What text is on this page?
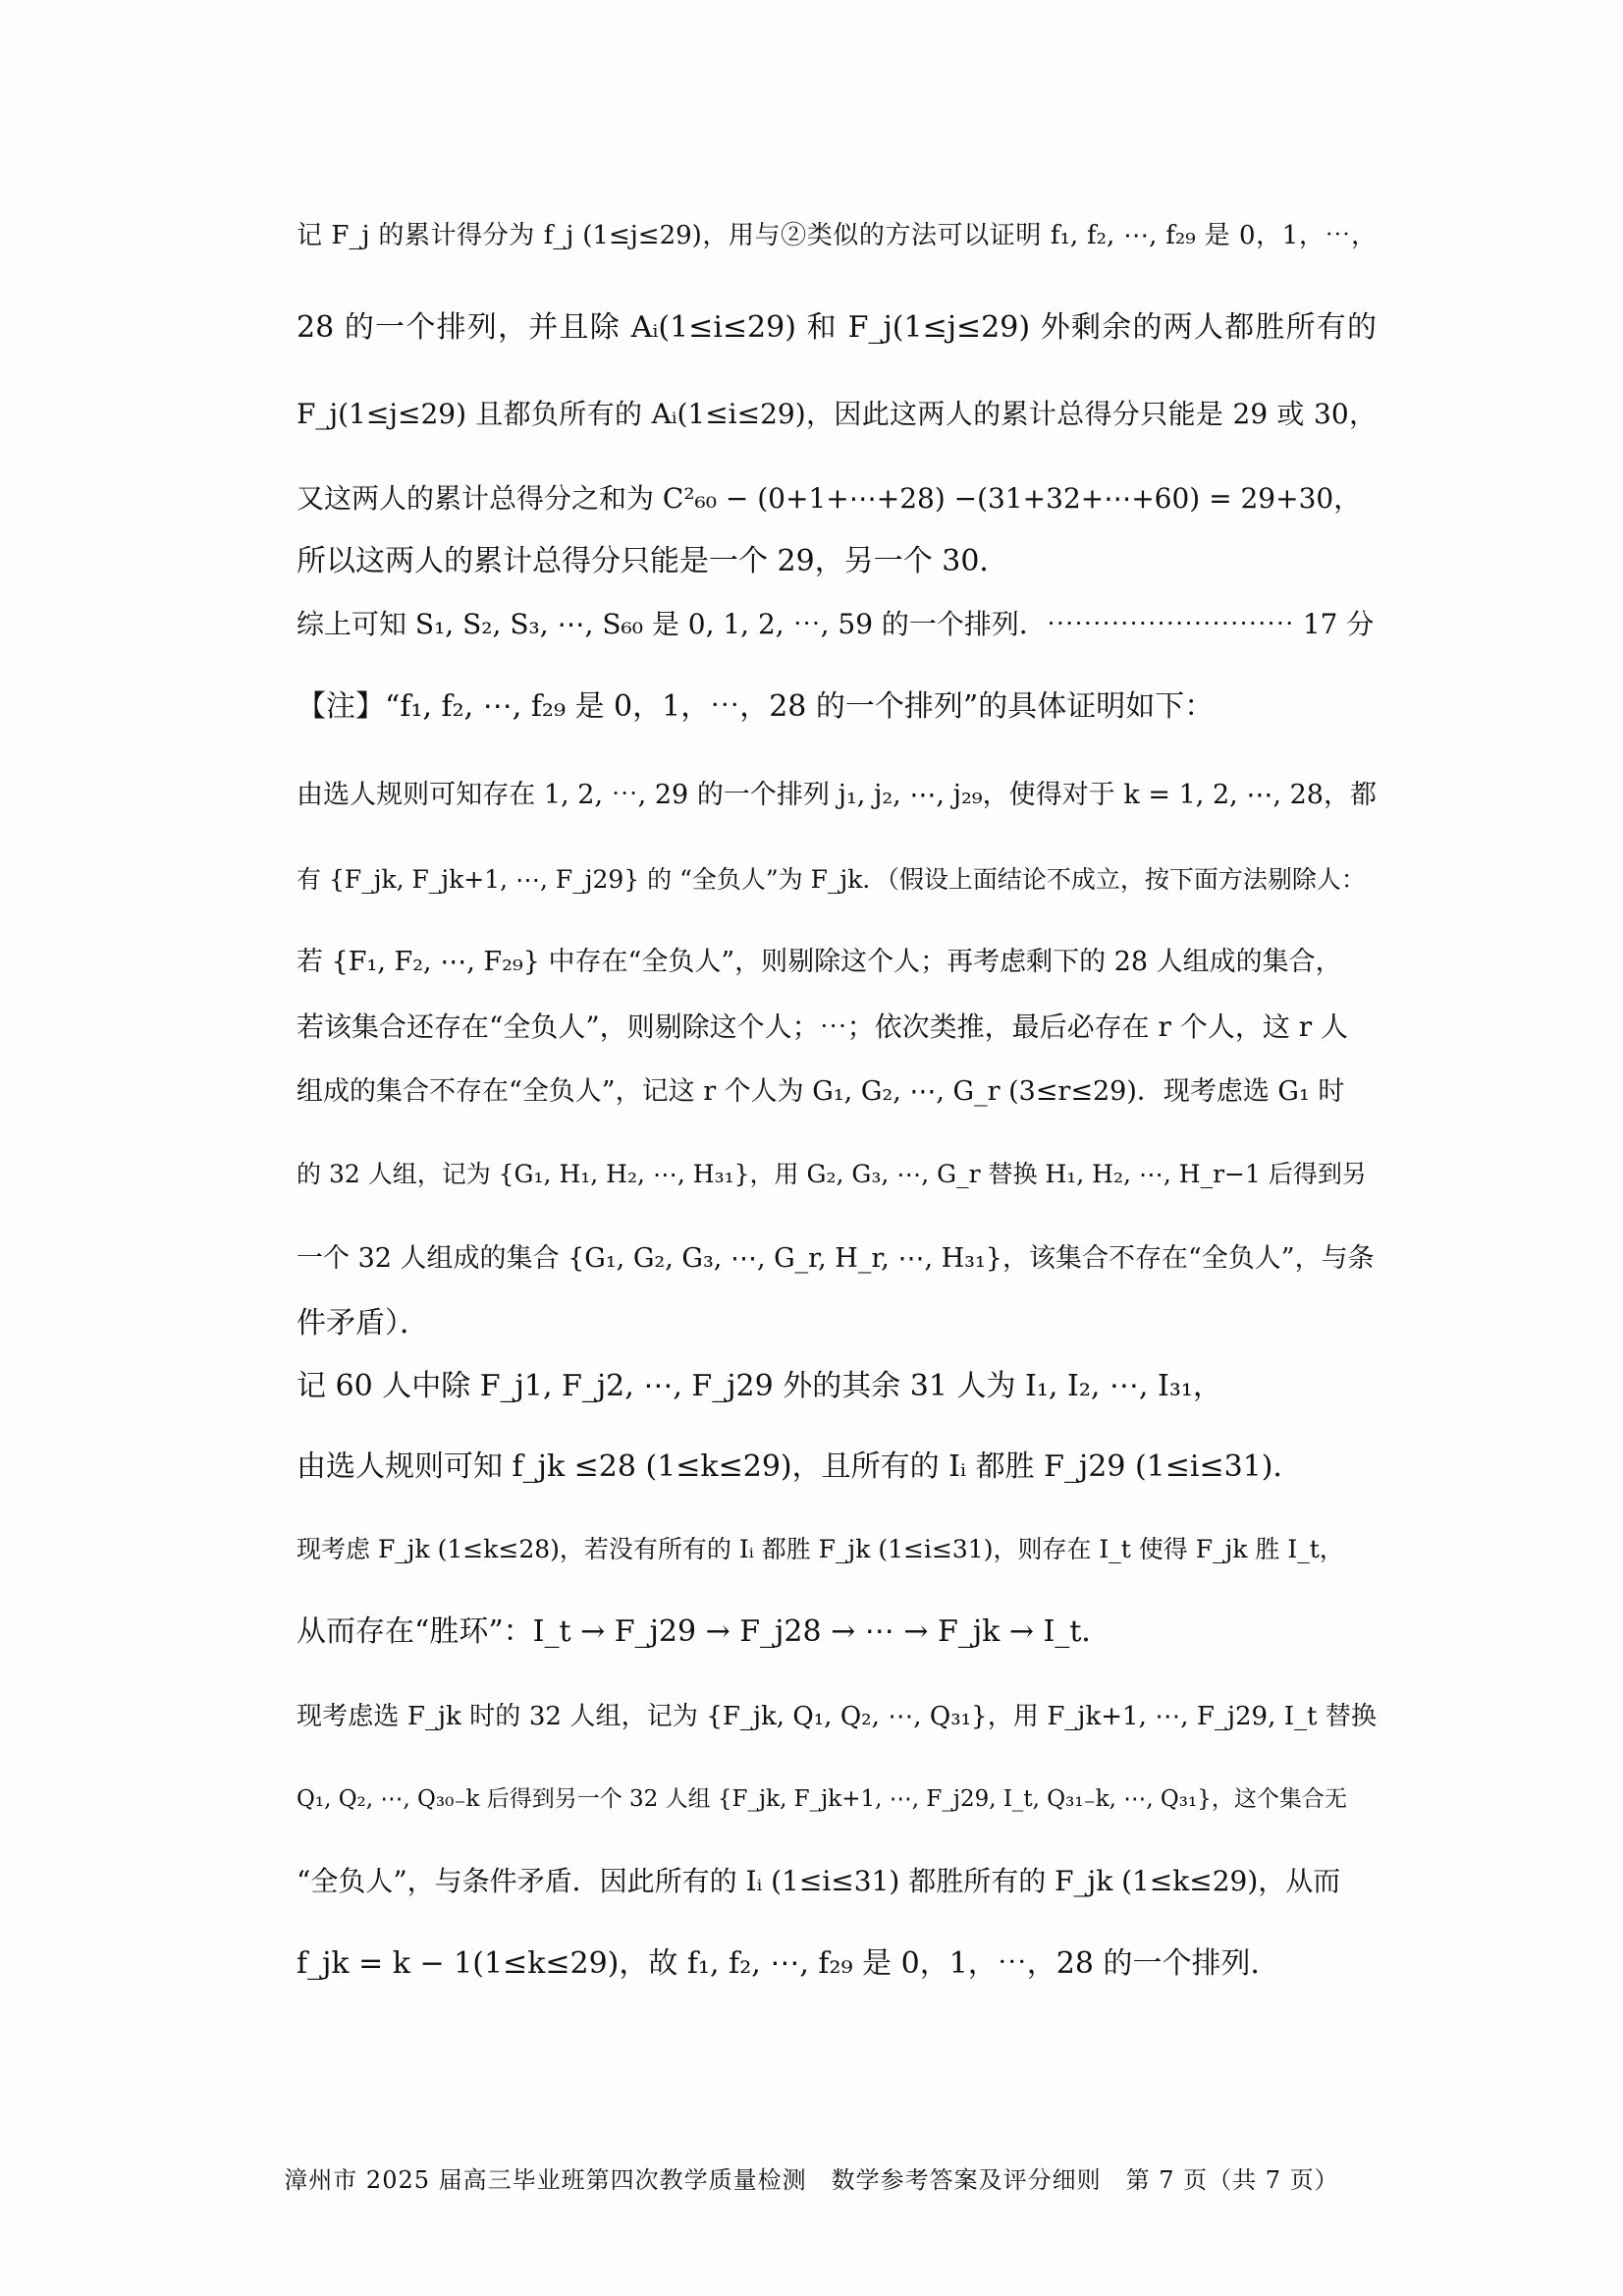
记 F_j 的累计得分为 f_j (1≤j≤29)，用与②类似的方法可以证明 f₁, f₂, ⋯, f₂₉ 是 0，1，⋯，
28 的一个排列，并且除 Aᵢ(1≤i≤29) 和 F_j(1≤j≤29) 外剩余的两人都胜所有的
F_j(1≤j≤29) 且都负所有的 Aᵢ(1≤i≤29)，因此这两人的累计总得分只能是 29 或 30，
又这两人的累计总得分之和为 C²₆₀ − (0+1+⋯+28) −(31+32+⋯+60) = 29+30，
所以这两人的累计总得分只能是一个 29，另一个 30．
综上可知 S₁, S₂, S₃, ⋯, S₆₀ 是 0, 1, 2, ⋯, 59 的一个排列．⋯⋯⋯⋯⋯⋯⋯⋯⋯ 17 分
【注】“f₁, f₂, ⋯, f₂₉ 是 0，1，⋯，28 的一个排列”的具体证明如下：
由选人规则可知存在 1, 2, ⋯, 29 的一个排列 j₁, j₂, ⋯, j₂₉，使得对于 k = 1, 2, ⋯, 28，都
有 {F_jk, F_jk+1, ⋯, F_j29} 的 “全负人”为 F_jk．（假设上面结论不成立，按下面方法剔除人：
若 {F₁, F₂, ⋯, F₂₉} 中存在“全负人”，则剔除这个人；再考虑剩下的 28 人组成的集合，
若该集合还存在“全负人”，则剔除这个人；⋯；依次类推，最后必存在 r 个人，这 r 人
组成的集合不存在“全负人”，记这 r 个人为 G₁, G₂, ⋯, G_r (3≤r≤29)．现考虑选 G₁ 时
的 32 人组，记为 {G₁, H₁, H₂, ⋯, H₃₁}，用 G₂, G₃, ⋯, G_r 替换 H₁, H₂, ⋯, H_r−1 后得到另
一个 32 人组成的集合 {G₁, G₂, G₃, ⋯, G_r, H_r, ⋯, H₃₁}，该集合不存在“全负人”，与条
件矛盾）．
记 60 人中除 F_j1, F_j2, ⋯, F_j29 外的其余 31 人为 I₁, I₂, ⋯, I₃₁，
由选人规则可知 f_jk ≤28 (1≤k≤29)，且所有的 Iᵢ 都胜 F_j29 (1≤i≤31)．
现考虑 F_jk (1≤k≤28)，若没有所有的 Iᵢ 都胜 F_jk (1≤i≤31)，则存在 I_t 使得 F_jk 胜 I_t，
从而存在“胜环”：I_t → F_j29 → F_j28 → ⋯ → F_jk → I_t．
现考虑选 F_jk 时的 32 人组，记为 {F_jk, Q₁, Q₂, ⋯, Q₃₁}，用 F_jk+1, ⋯, F_j29, I_t 替换
Q₁, Q₂, ⋯, Q₃₀₋k 后得到另一个 32 人组 {F_jk, F_jk+1, ⋯, F_j29, I_t, Q₃₁₋k, ⋯, Q₃₁}，这个集合无
“全负人”，与条件矛盾．因此所有的 Iᵢ (1≤i≤31) 都胜所有的 F_jk (1≤k≤29)，从而
f_jk = k − 1(1≤k≤29)，故 f₁, f₂, ⋯, f₂₉ 是 0，1，⋯，28 的一个排列．
漳州市 2025 届高三毕业班第四次教学质量检测　数学参考答案及评分细则　第 7 页（共 7 页）
